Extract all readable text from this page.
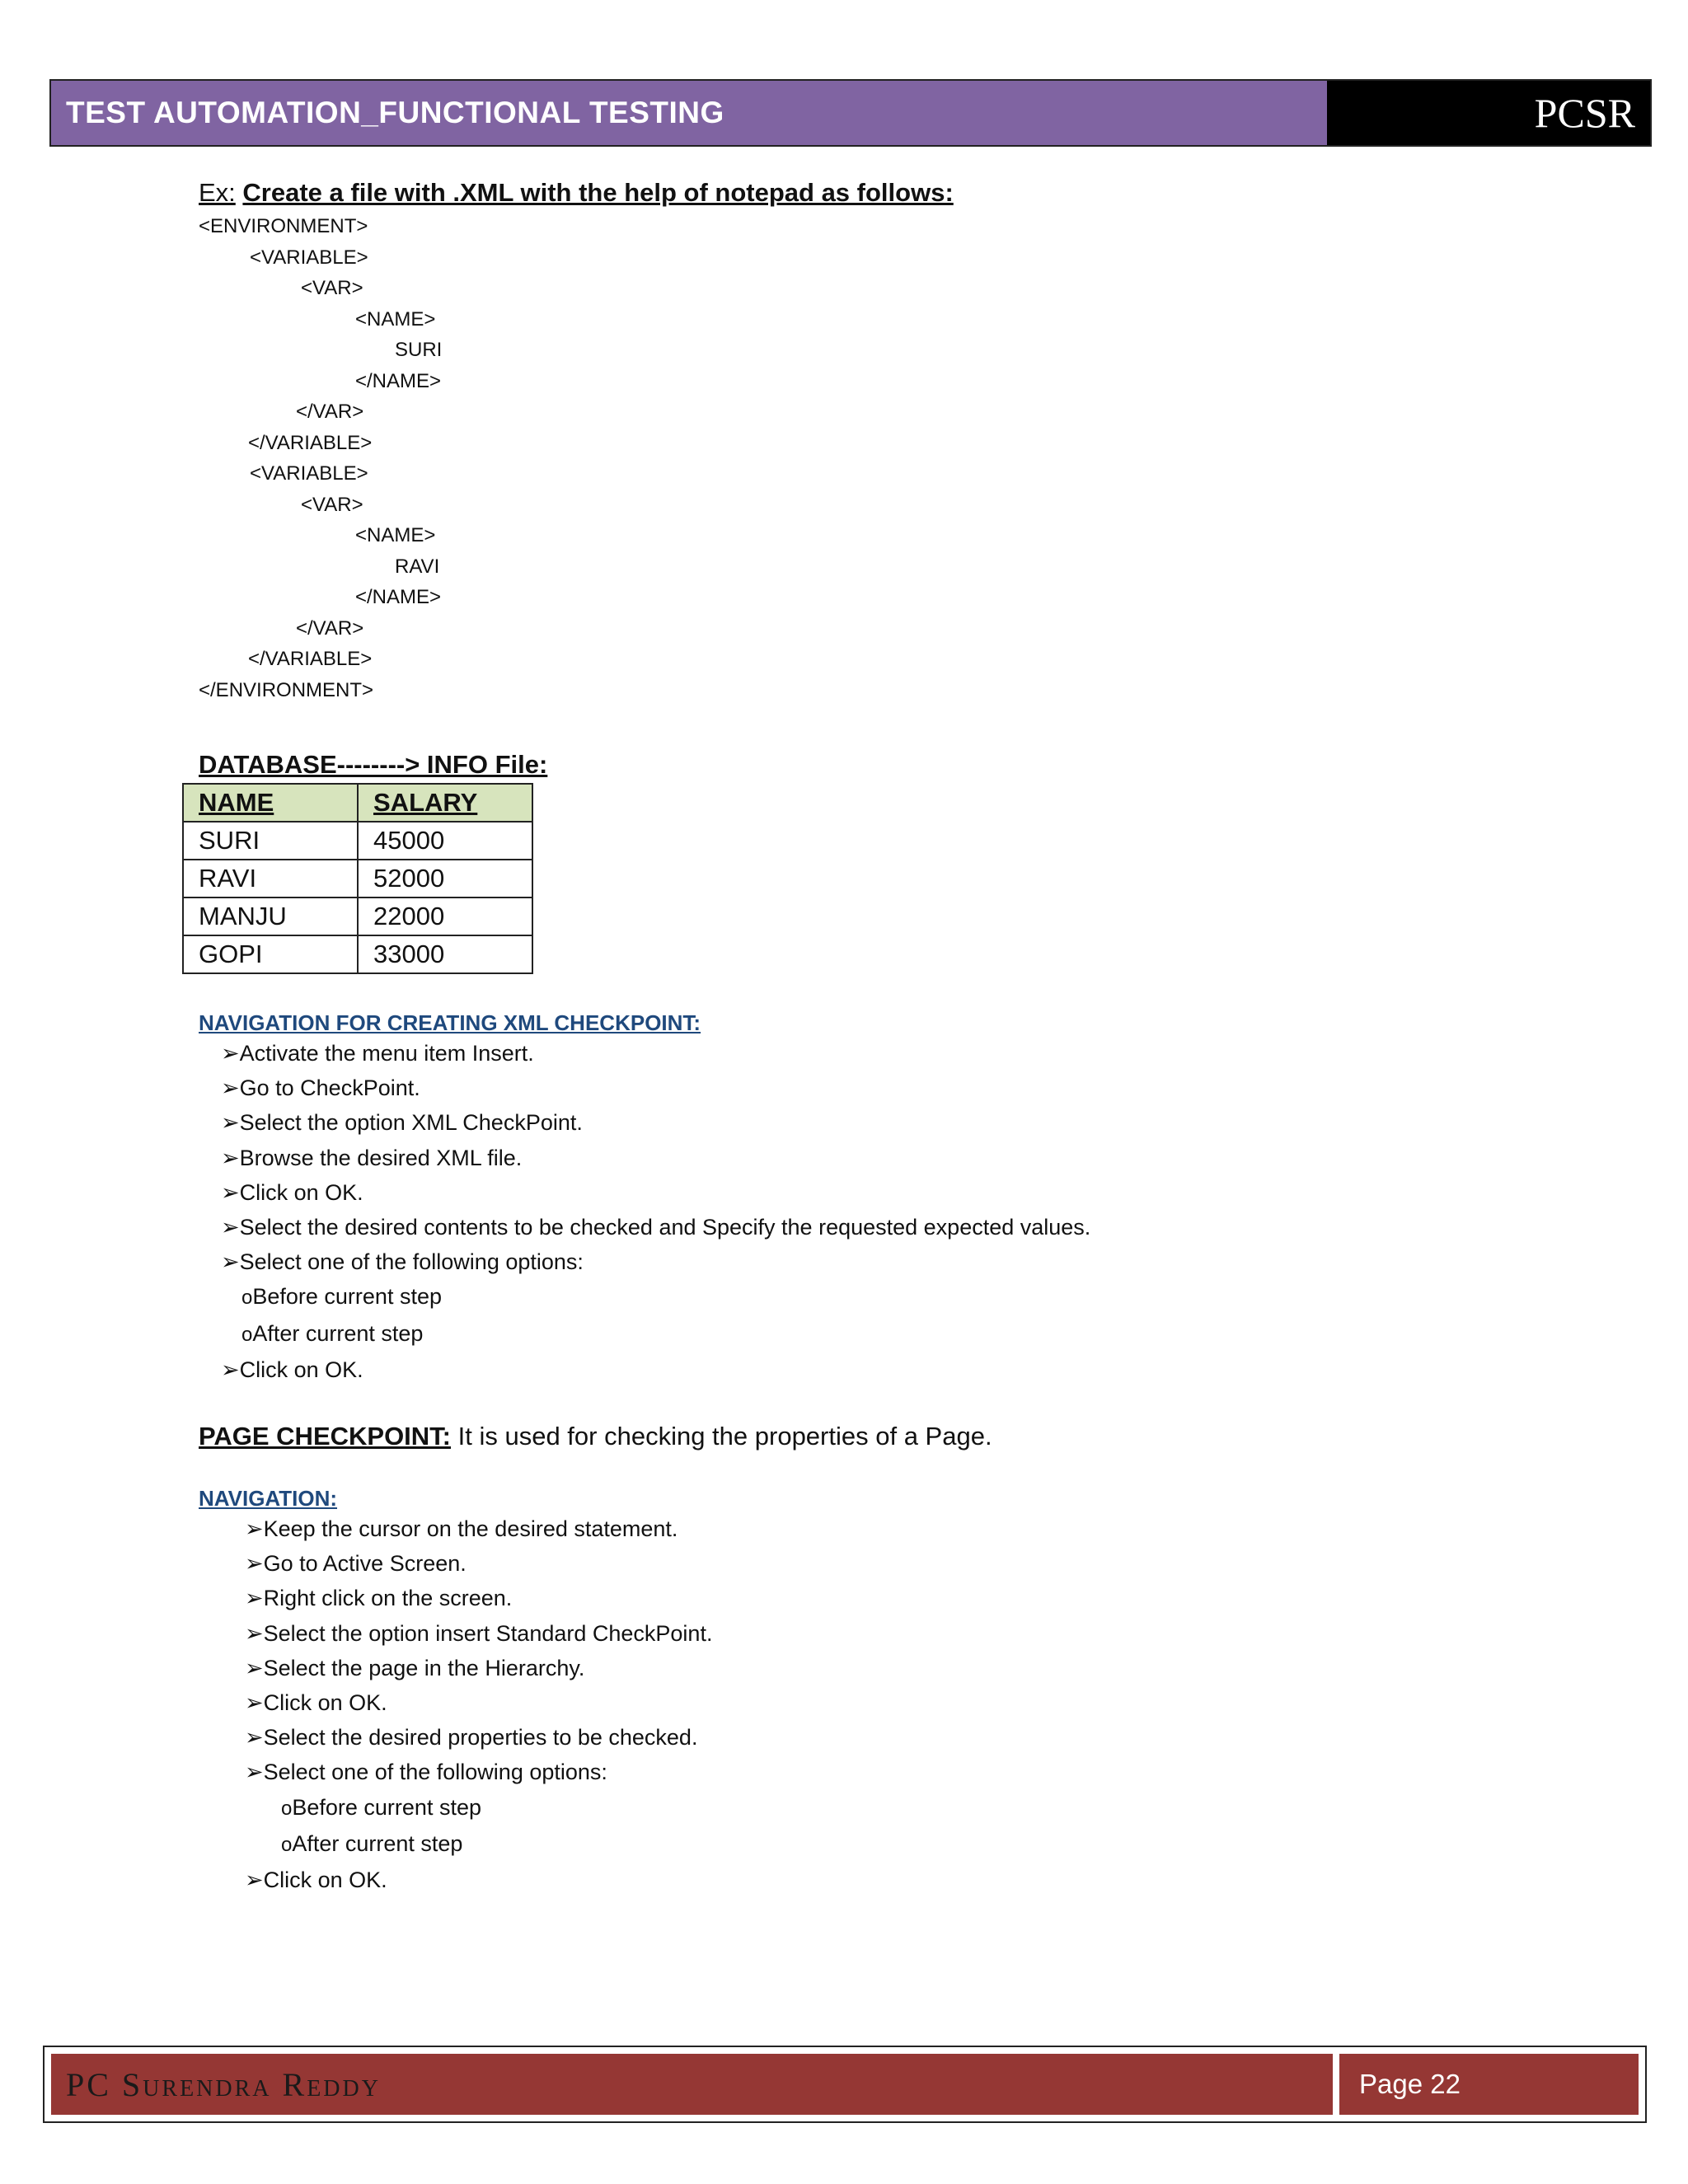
TEST AUTOMATION_FUNCTIONAL TESTING	PCSR
Ex: Create a file with .XML with the help of notepad as follows:
<ENVIRONMENT>
<VARIABLE>
<VAR>
<NAME>
SURI
</NAME>
</VAR>
</VARIABLE>
<VARIABLE>
<VAR>
<NAME>
RAVI
</NAME>
</VAR>
</VARIABLE>
</ENVIRONMENT>
DATABASE--------> INFO File:
NAME	SALARY
SURI	45000
RAVI	52000
MANJU	22000
GOPI	33000
NAVIGATION FOR CREATING XML CHECKPOINT:
➢Activate the menu item Insert.
➢Go to CheckPoint.
➢Select the option XML CheckPoint.
➢Browse the desired XML file.
➢Click on OK.
➢Select the desired contents to be checked and Specify the requested expected values.
➢Select one of the following options:
oBefore current step
oAfter current step
➢Click on OK.
PAGE CHECKPOINT: It is used for checking the properties of a Page.
NAVIGATION:
➢Keep the cursor on the desired statement.
➢Go to Active Screen.
➢Right click on the screen.
➢Select the option insert Standard CheckPoint.
➢Select the page in the Hierarchy.
➢Click on OK.
➢Select the desired properties to be checked.
➢Select one of the following options:
oBefore current step
oAfter current step
➢Click on OK.
PC Surendra Reddy	Page 22
